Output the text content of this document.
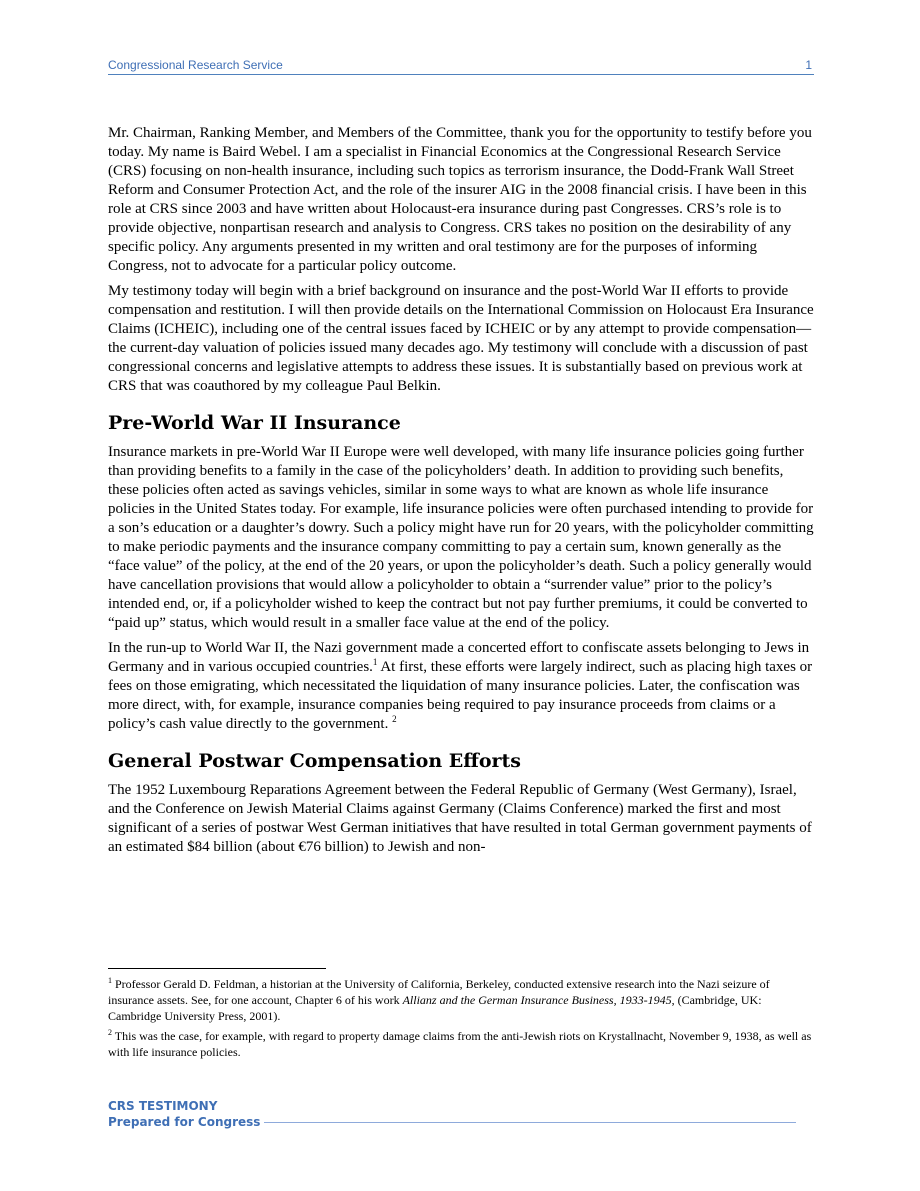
Congressional Research Service	1

Mr. Chairman, Ranking Member, and Members of the Committee, thank you for the opportunity to testify before you today. My name is Baird Webel. I am a specialist in Financial Economics at the Congressional Research Service (CRS) focusing on non-health insurance, including such topics as terrorism insurance, the Dodd-Frank Wall Street Reform and Consumer Protection Act, and the role of the insurer AIG in the 2008 financial crisis. I have been in this role at CRS since 2003 and have written about Holocaust-era insurance during past Congresses. CRS’s role is to provide objective, nonpartisan research and analysis to Congress. CRS takes no position on the desirability of any specific policy. Any arguments presented in my written and oral testimony are for the purposes of informing Congress, not to advocate for a particular policy outcome.

My testimony today will begin with a brief background on insurance and the post-World War II efforts to provide compensation and restitution. I will then provide details on the International Commission on Holocaust Era Insurance Claims (ICHEIC), including one of the central issues faced by ICHEIC or by any attempt to provide compensation—the current-day valuation of policies issued many decades ago. My testimony will conclude with a discussion of past congressional concerns and legislative attempts to address these issues. It is substantially based on previous work at CRS that was coauthored by my colleague Paul Belkin.

Pre-World War II Insurance

Insurance markets in pre-World War II Europe were well developed, with many life insurance policies going further than providing benefits to a family in the case of the policyholders’ death. In addition to providing such benefits, these policies often acted as savings vehicles, similar in some ways to what are known as whole life insurance policies in the United States today. For example, life insurance policies were often purchased intending to provide for a son’s education or a daughter’s dowry. Such a policy might have run for 20 years, with the policyholder committing to make periodic payments and the insurance company committing to pay a certain sum, known generally as the “face value” of the policy, at the end of the 20 years, or upon the policyholder’s death. Such a policy generally would have cancellation provisions that would allow a policyholder to obtain a “surrender value” prior to the policy’s intended end, or, if a policyholder wished to keep the contract but not pay further premiums, it could be converted to “paid up” status, which would result in a smaller face value at the end of the policy.

In the run-up to World War II, the Nazi government made a concerted effort to confiscate assets belonging to Jews in Germany and in various occupied countries.$^1$ At first, these efforts were largely indirect, such as placing high taxes or fees on those emigrating, which necessitated the liquidation of many insurance policies. Later, the confiscation was more direct, with, for example, insurance companies being required to pay insurance proceeds from claims or a policy’s cash value directly to the government. $^2$

General Postwar Compensation Efforts

The 1952 Luxembourg Reparations Agreement between the Federal Republic of Germany (West Germany), Israel, and the Conference on Jewish Material Claims against Germany (Claims Conference) marked the first and most significant of a series of postwar West German initiatives that have resulted in total German government payments of an estimated $84 billion (about €76 billion) to Jewish and non-

$^1$ Professor Gerald D. Feldman, a historian at the University of California, Berkeley, conducted extensive research into the Nazi seizure of insurance assets. See, for one account, Chapter 6 of his work Allianz and the German Insurance Business, 1933-1945, (Cambridge, UK: Cambridge University Press, 2001).

$^2$ This was the case, for example, with regard to property damage claims from the anti-Jewish riots on Krystallnacht, November 9, 1938, as well as with life insurance policies.

CRS TESTIMONY
Prepared for Congress
